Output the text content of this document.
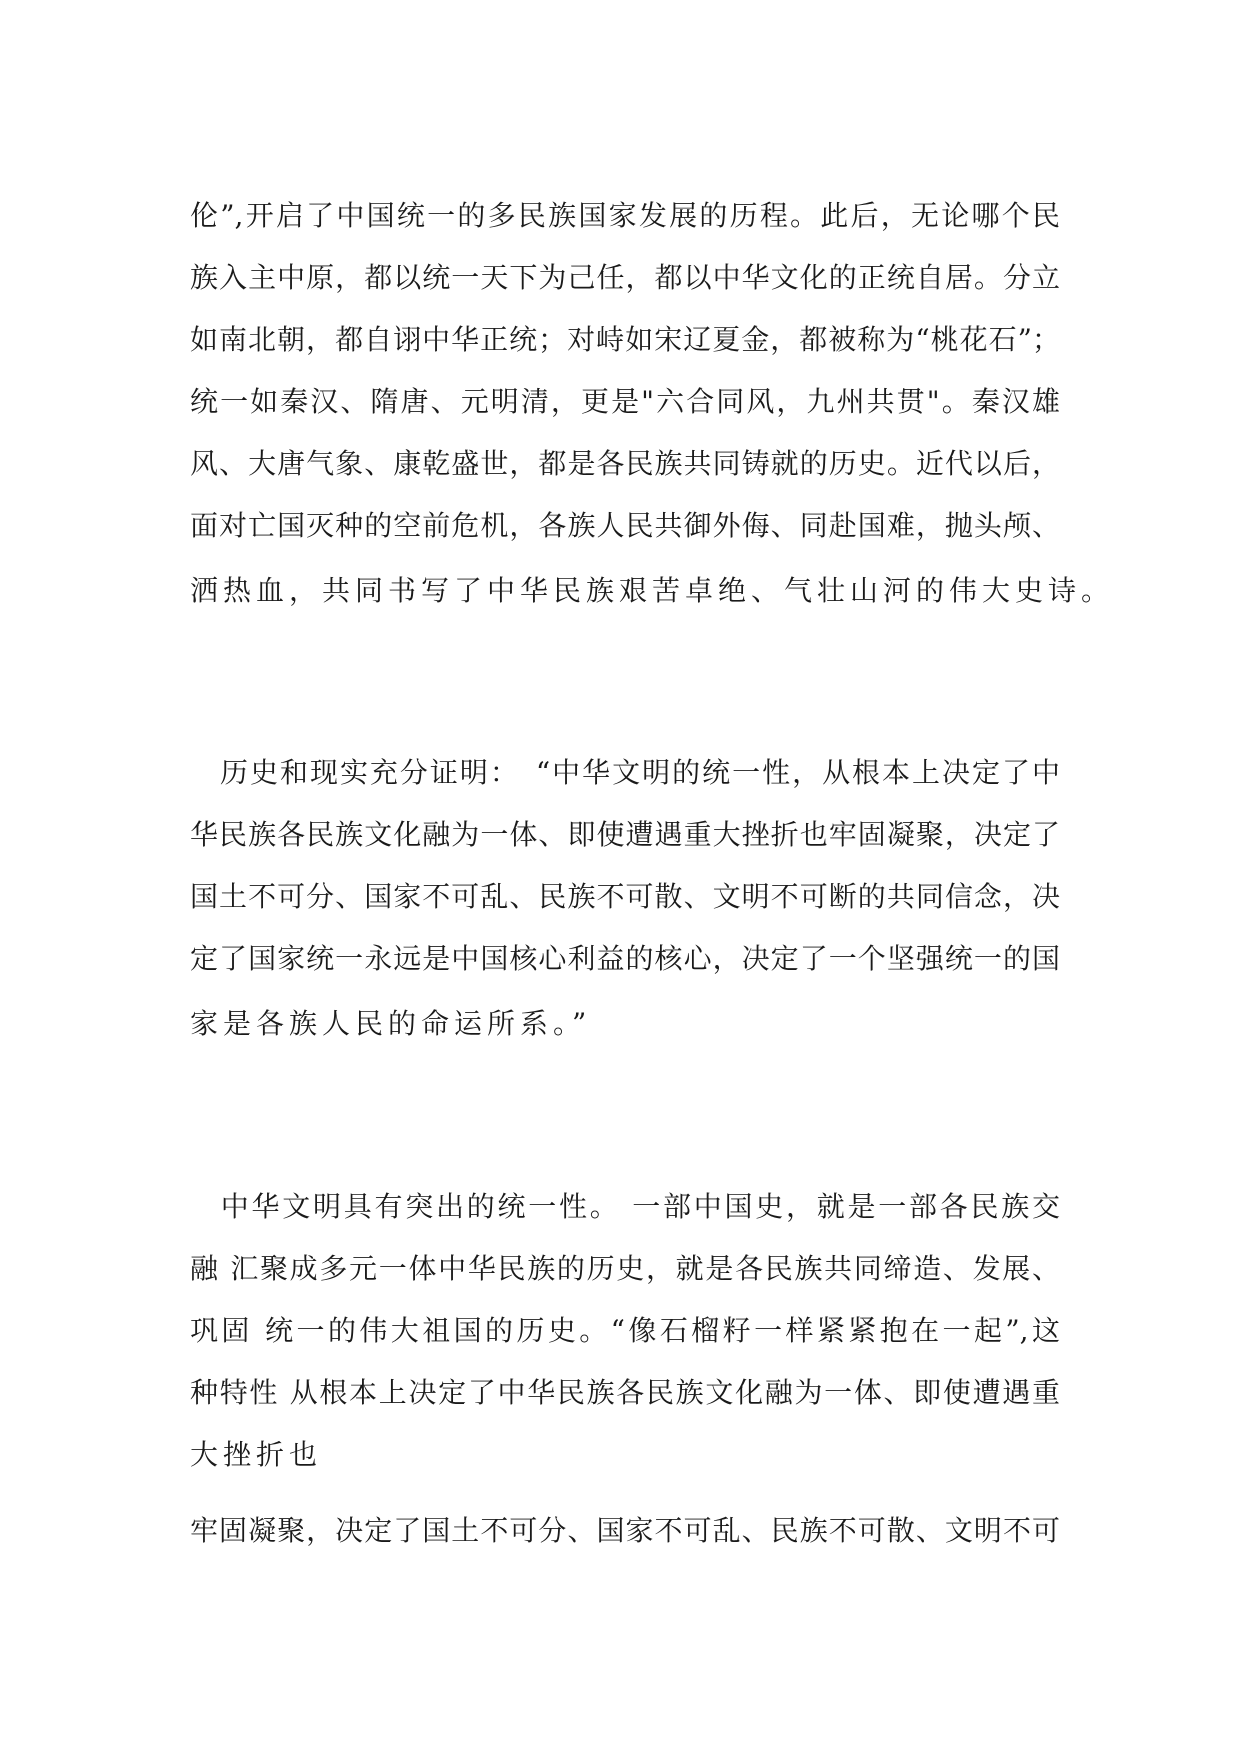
伦”,开启了中国统一的多民族国家发展的历程。此后，无论哪个民
族入主中原，都以统一天下为己任，都以中华文化的正统自居。分立
如南北朝，都自诩中华正统；对峙如宋辽夏金，都被称为“桃花石”；
统一如秦汉、隋唐、元明清，更是"六合同风，九州共贯"。秦汉雄
风、大唐气象、康乾盛世，都是各民族共同铸就的历史。近代以后，
面对亡国灭种的空前危机，各族人民共御外侮、同赴国难，抛头颅、
洒热血，共同书写了中华民族艰苦卓绝、气壮山河的伟大史诗。
　历史和现实充分证明：　“中华文明的统一性，从根本上决定了中
华民族各民族文化融为一体、即使遭遇重大挫折也牢固凝聚，决定了
国土不可分、国家不可乱、民族不可散、文明不可断的共同信念，决
定了国家统一永远是中国核心利益的核心，决定了一个坚强统一的国
家是各族人民的命运所系。”
　中华文明具有突出的统一性。 一部中国史，就是一部各民族交
融 汇聚成多元一体中华民族的历史，就是各民族共同缔造、发展、
巩固 统一的伟大祖国的历史。“像石榴籽一样紧紧抱在一起”,这
种特性 从根本上决定了中华民族各民族文化融为一体、即使遭遇重
大挫折也
牢固凝聚，决定了国土不可分、国家不可乱、民族不可散、文明不可
